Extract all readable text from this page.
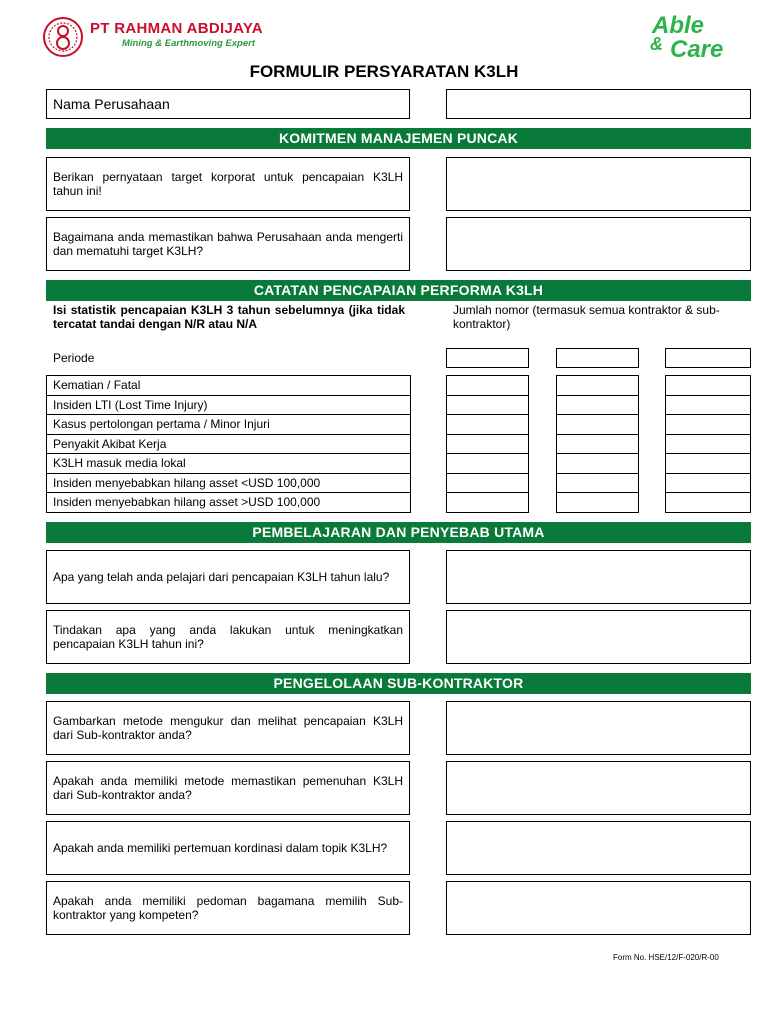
PT RAHMAN ABDIJAYA
Mining & Earthmoving Expert
Able
& Care
FORMULIR PERSYARATAN K3LH
Nama Perusahaan
KOMITMEN MANAJEMEN PUNCAK
Berikan pernyataan target korporat untuk pencapaian K3LH tahun ini!
Bagaimana anda memastikan bahwa Perusahaan anda mengerti dan mematuhi target K3LH?
CATATAN PENCAPAIAN PERFORMA K3LH
Isi statistik pencapaian K3LH 3 tahun sebelumnya (jika tidak tercatat tandai dengan N/R atau N/A
Jumlah nomor (termasuk semua kontraktor & sub-kontraktor)
Periode
Kematian / Fatal
Insiden LTI (Lost Time Injury)
Kasus pertolongan pertama / Minor Injuri
Penyakit Akibat Kerja
K3LH masuk media lokal
Insiden menyebabkan hilang asset <USD 100,000
Insiden menyebabkan hilang asset >USD 100,000
PEMBELAJARAN DAN PENYEBAB UTAMA
Apa yang telah anda pelajari dari pencapaian K3LH tahun lalu?
Tindakan apa yang anda lakukan untuk meningkatkan pencapaian K3LH tahun ini?
PENGELOLAAN SUB-KONTRAKTOR
Gambarkan metode mengukur dan melihat pencapaian K3LH dari Sub-kontraktor anda?
Apakah anda memiliki metode memastikan pemenuhan K3LH dari Sub-kontraktor anda?
Apakah anda memiliki pertemuan kordinasi dalam topik K3LH?
Apakah anda memiliki pedoman bagamana memilih Sub-kontraktor yang kompeten?
Form No. HSE/12/F-020/R-00
